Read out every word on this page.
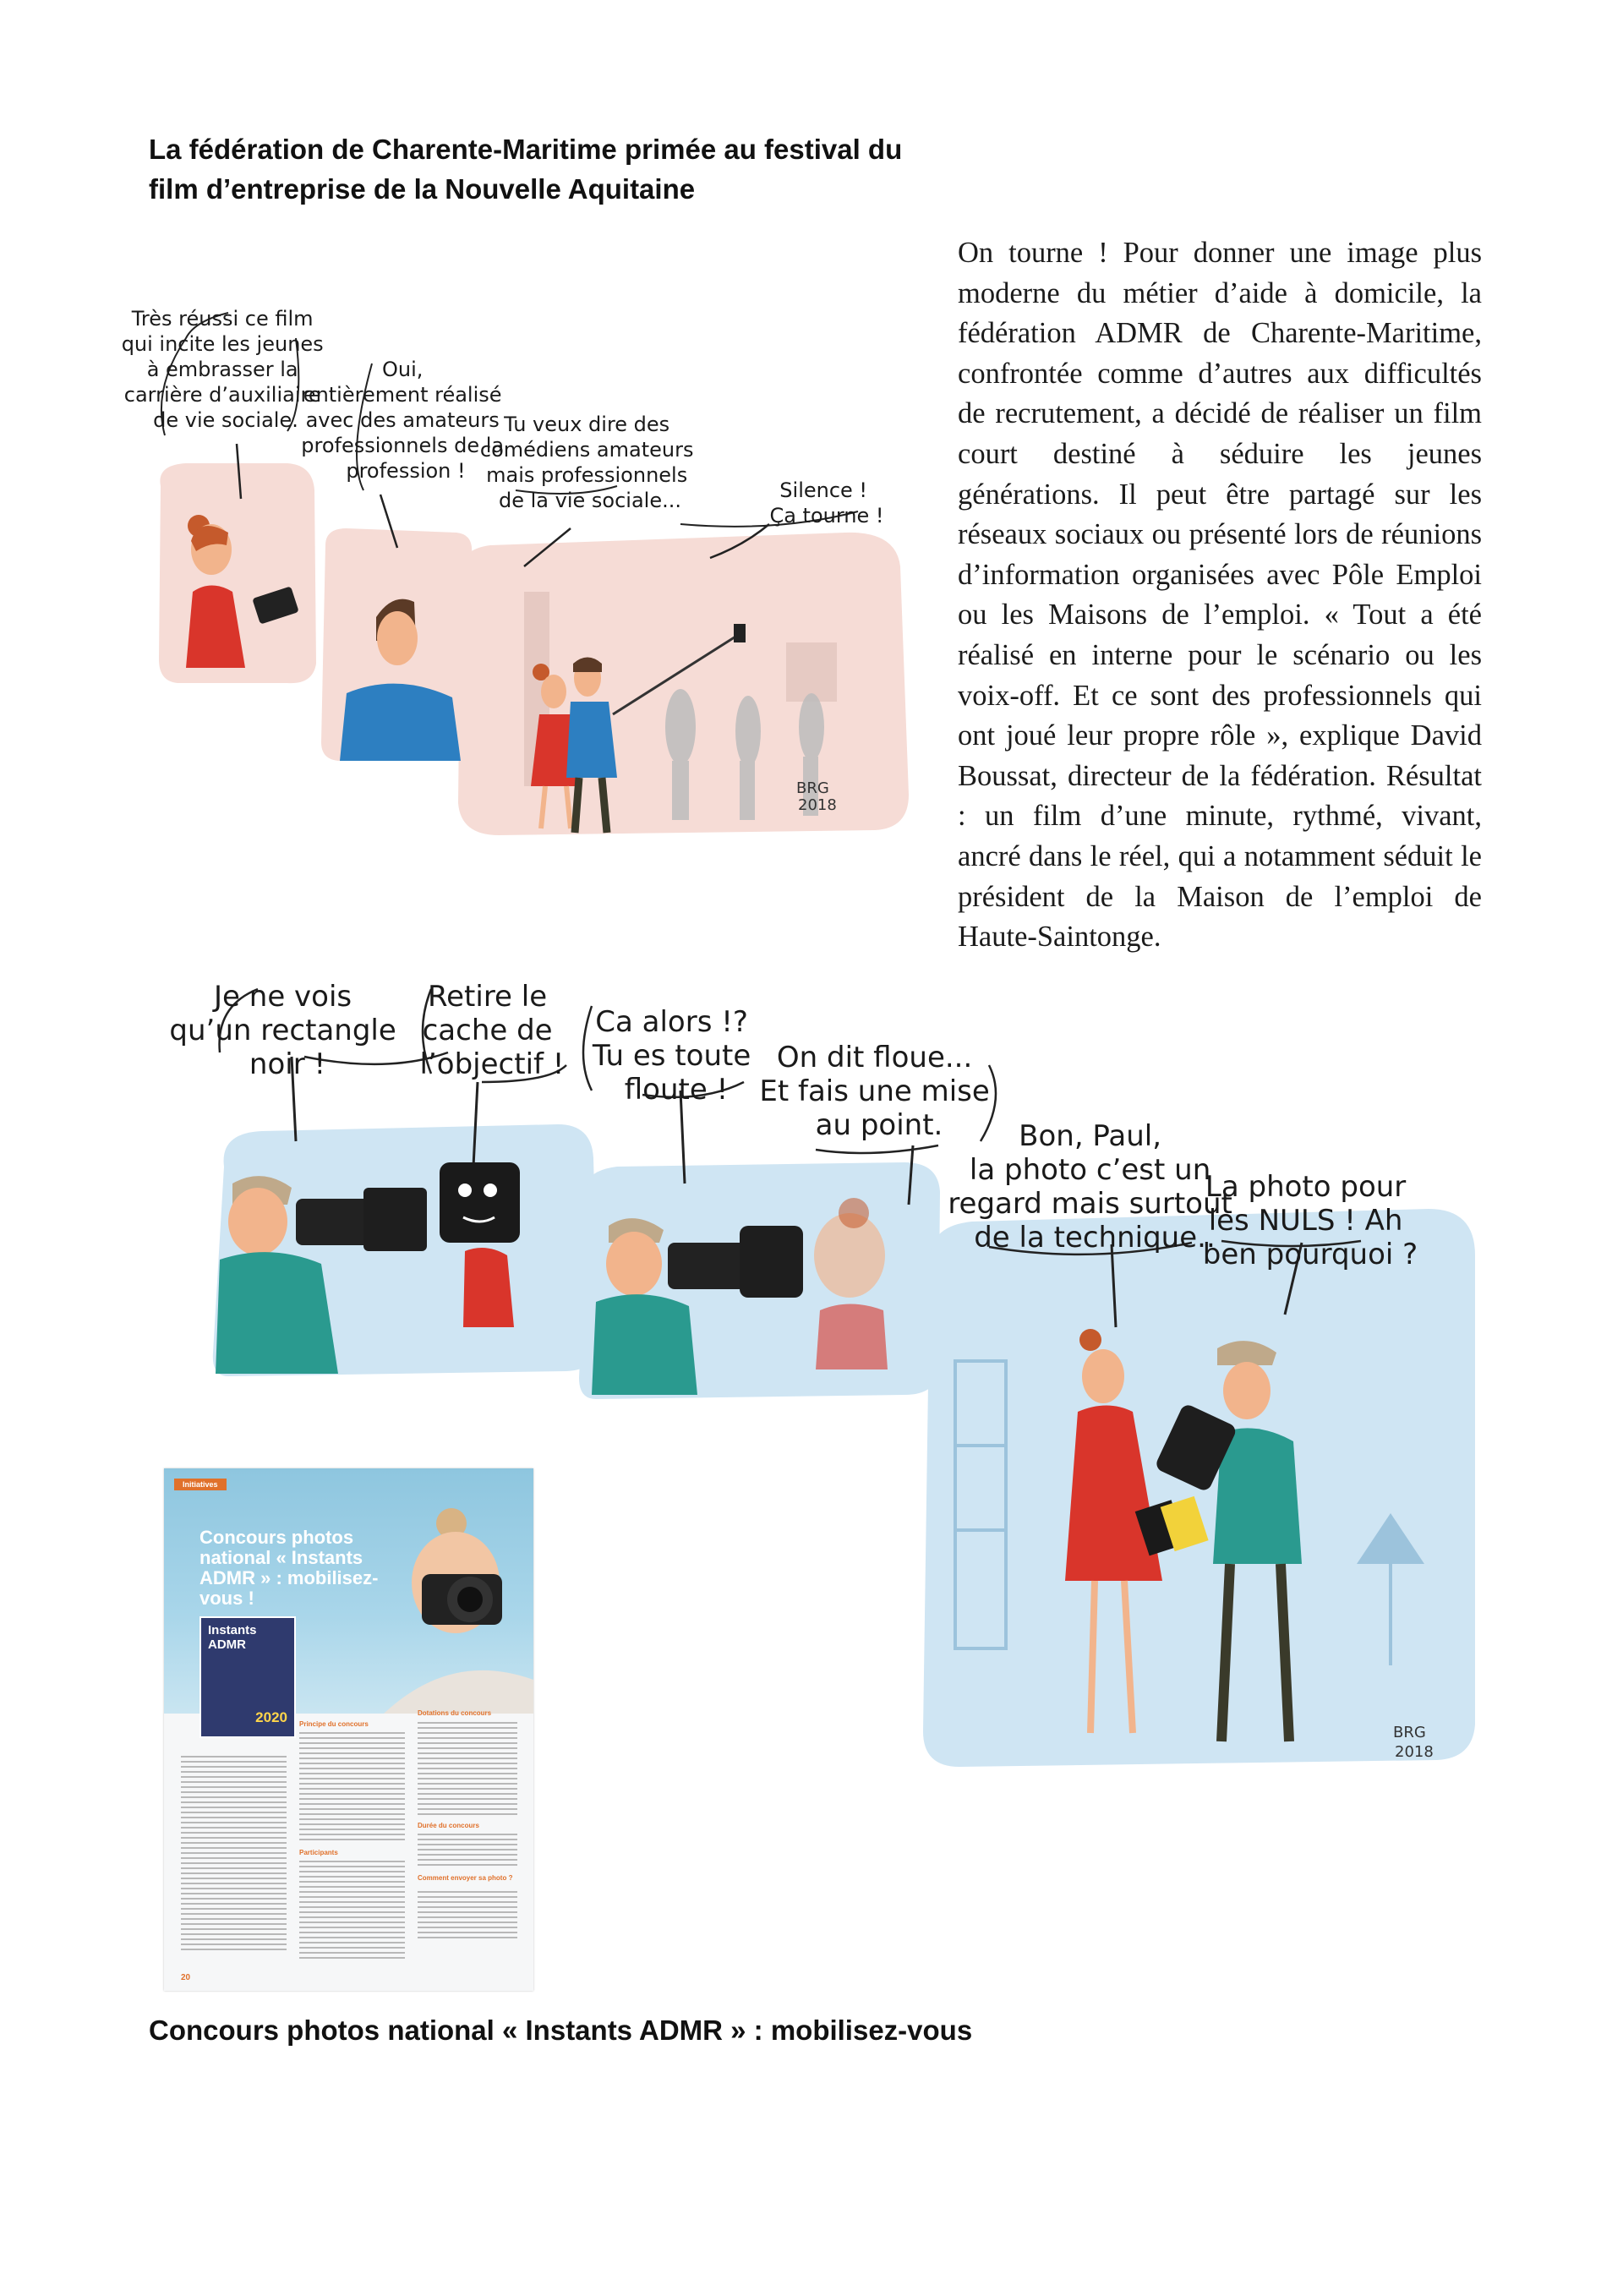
La fédération de Charente-Maritime primée au festival du
film d’entreprise de la Nouvelle Aquitaine

On tourne ! Pour donner une image plus moderne du métier d’aide à domicile, la fédération ADMR de Charente-Maritime, confrontée comme d’autres aux difficultés de recrutement, a décidé de réaliser un film court destiné à séduire les jeunes générations. Il peut être partagé sur les réseaux sociaux ou présenté lors de réunions d’information organisées avec Pôle Emploi ou les Maisons de l’emploi. « Tout a été réalisé en interne pour le scénario ou les voix-off. Et ce sont des professionnels qui ont joué leur propre rôle », explique David Boussat, directeur de la fédération. Résultat : un film d’une minute, rythmé, vivant, ancré dans le réel, qui a notamment séduit le président de la Maison de l’emploi de Haute-Saintonge.

Très réussi ce film qui incite les jeunes à embrasser la carrière d’auxiliaire de vie sociale.
Oui, entièrement réalisé avec des amateurs professionnels de la profession !
Tu veux dire des comédiens amateurs mais professionnels de la vie sociale...	Silence ! Ça tourne !
BRG
2018
Je ne vois qu’un rectangle noir !
Retire le cache de l’objectif !
Ca alors !? Tu es toute floute !
On dit floue... Et fais une mise au point.	Bon, Paul, la photo c’est un regard mais surtout de la technique..
La photo pour les NULS ! Ah ben pourquoi ?
BRG
2018
Initiatives
Concours photos national « Instants ADMR » : mobilisez-vous !
Instants ADMR
2020 Principe du concours
Participants
Dotations du concours
Durée du concours
Comment envoyer sa photo ?
20

Concours photos national « Instants ADMR » : mobilisez-vous
